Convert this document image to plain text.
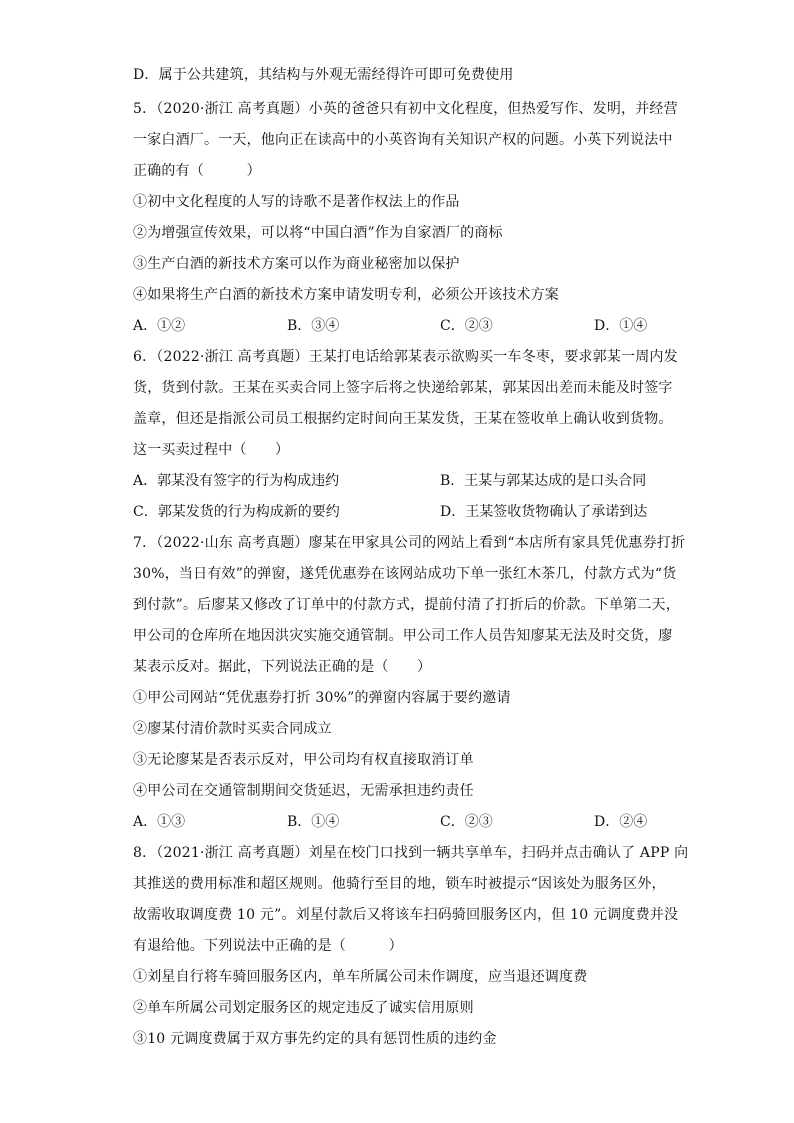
D．属于公共建筑，其结构与外观无需经得许可即可免费使用
5．（2020·浙江 高考真题）小英的爸爸只有初中文化程度，但热爱写作、发明，并经营
一家白酒厂。一天，他向正在读高中的小英咨询有关知识产权的问题。小英下列说法中
正确的有（　　　）
①初中文化程度的人写的诗歌不是著作权法上的作品
②为增强宣传效果，可以将“中国白酒”作为自家酒厂的商标
③生产白酒的新技术方案可以作为商业秘密加以保护
④如果将生产白酒的新技术方案申请发明专利，必须公开该技术方案
A．①②	B．③④	C．②③	D．①④
6．（2022·浙江 高考真题）王某打电话给郭某表示欲购买一车冬枣，要求郭某一周内发
货，货到付款。王某在买卖合同上签字后将之快递给郭某，郭某因出差而未能及时签字
盖章，但还是指派公司员工根据约定时间向王某发货，王某在签收单上确认收到货物。
这一买卖过程中（　　）
A．郭某没有签字的行为构成违约	B．王某与郭某达成的是口头合同
C．郭某发货的行为构成新的要约	D．王某签收货物确认了承诺到达
7．（2022·山东 高考真题）廖某在甲家具公司的网站上看到“本店所有家具凭优惠券打折
30%，当日有效”的弹窗，遂凭优惠券在该网站成功下单一张红木茶几，付款方式为“货
到付款”。后廖某又修改了订单中的付款方式，提前付清了打折后的价款。下单第二天，
甲公司的仓库所在地因洪灾实施交通管制。甲公司工作人员告知廖某无法及时交货，廖
某表示反对。据此，下列说法正确的是（　　）
①甲公司网站“凭优惠券打折 30%”的弹窗内容属于要约邀请
②廖某付清价款时买卖合同成立
③无论廖某是否表示反对，甲公司均有权直接取消订单
④甲公司在交通管制期间交货延迟，无需承担违约责任
A．①③	B．①④	C．②③	D．②④
8．（2021·浙江 高考真题）刘星在校门口找到一辆共享单车，扫码并点击确认了 APP 向
其推送的费用标准和超区规则。他骑行至目的地，锁车时被提示“因该处为服务区外，
故需收取调度费 10 元”。刘星付款后又将该车扫码骑回服务区内，但 10 元调度费并没
有退给他。下列说法中正确的是（　　　）
①刘星自行将车骑回服务区内，单车所属公司未作调度，应当退还调度费
②单车所属公司划定服务区的规定违反了诚实信用原则
③10 元调度费属于双方事先约定的具有惩罚性质的违约金
